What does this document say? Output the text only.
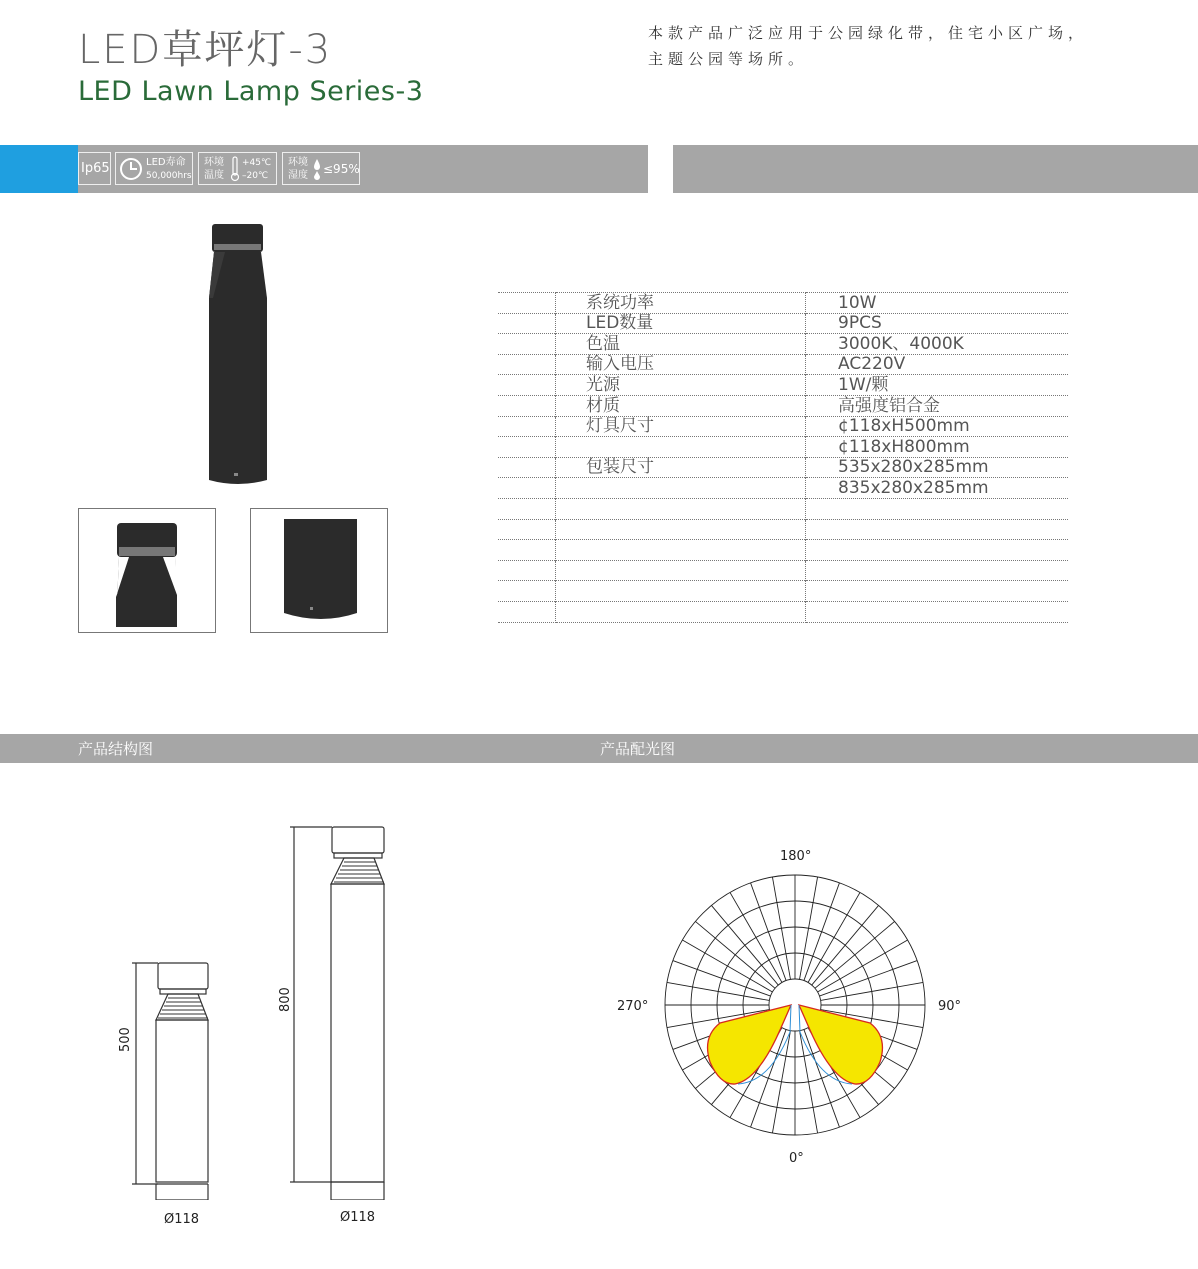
LED草坪灯-3
LED Lawn Lamp Series-3
本款产品广泛应用于公园绿化带，住宅小区广场，主题公园等场所。
Ip65	LED寿命
50,000hrs
环境
温度
+45℃
–20℃
环境
湿度 ≤95%
	系统功率	10W
	LED数量	9PCS
	色温	3000K、4000K
	输入电压	AC220V
	光源	1W/颗
	材质	高强度铝合金
	灯具尺寸	¢118xH500mm
		¢118xH800mm
	包装尺寸	535x280x285mm
		835x280x285mm

产品结构图	产品配光图
500
800
Ø118	Ø118
180°
270°	90°
0°
